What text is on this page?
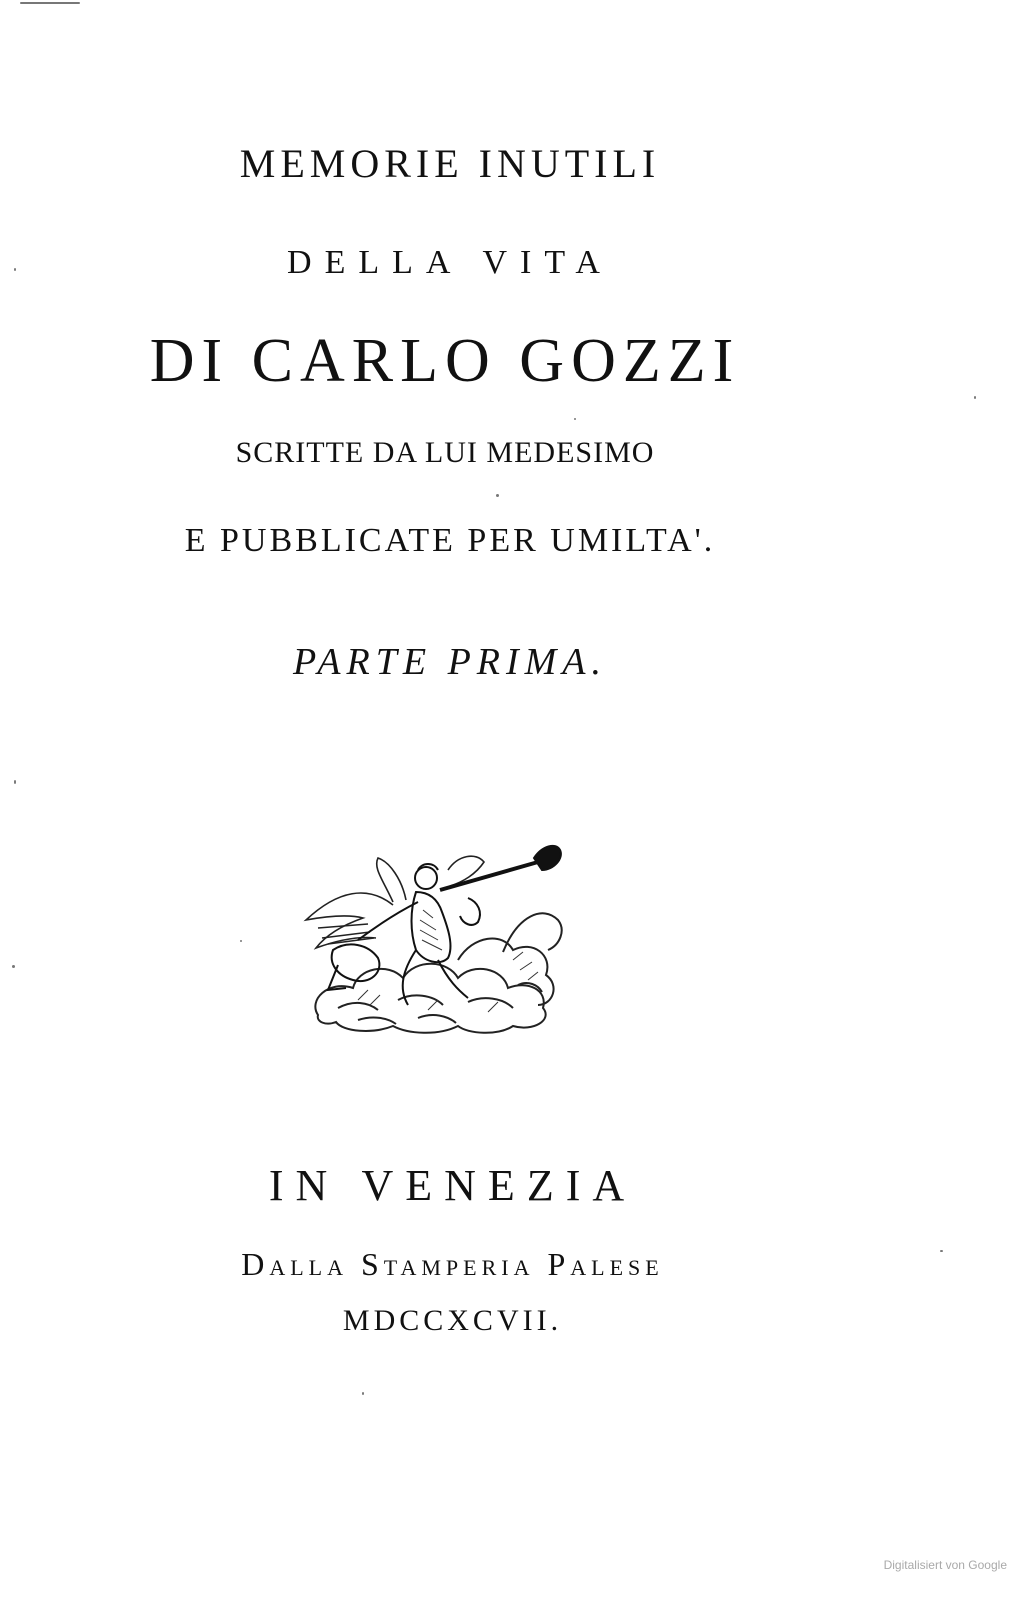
MEMORIE INUTILI
DELLA VITA
DI CARLO GOZZI
SCRITTE DA LUI MEDESIMO
E PUBBLICATE PER UMILTA'.
PARTE PRIMA.
IN VENEZIA
Dalla Stamperia Palese
MDCCXCVII.
Digitalisiert von Google
